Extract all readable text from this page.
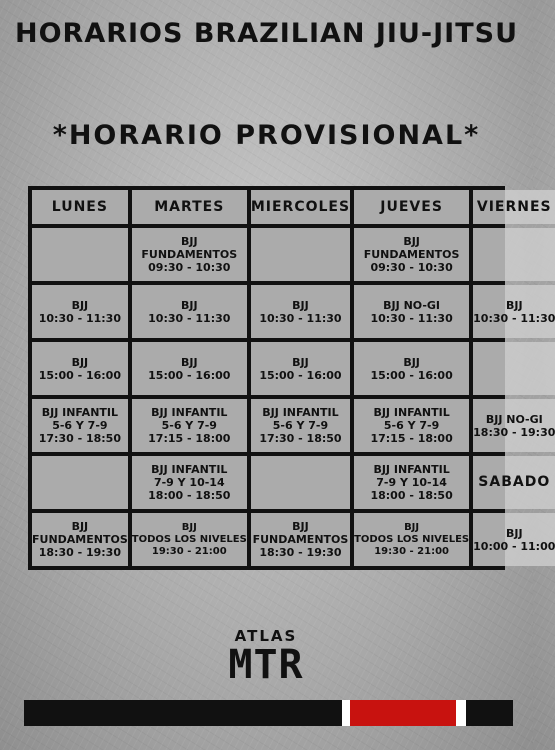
HORARIOS BRAZILIAN JIU-JITSU
*HORARIO PROVISIONAL*
LUNES	MARTES MIERCOLES JUEVES VIERNES
BJJ
FUNDAMENTOS
09:30 - 10:30
BJJ
FUNDAMENTOS
09:30 - 10:30
BJJ
10:30 - 11:30
BJJ
10:30 - 11:30
BJJ
10:30 - 11:30
BJJ NO-GI
10:30 - 11:30
BJJ
10:30 - 11:30
BJJ
15:00 - 16:00
BJJ
15:00 - 16:00
BJJ
15:00 - 16:00
BJJ
15:00 - 16:00
BJJ INFANTIL
5-6 Y 7-9
17:30 - 18:50
BJJ INFANTIL
5-6 Y 7-9
17:15 - 18:00
BJJ INFANTIL
5-6 Y 7-9
17:30 - 18:50
BJJ INFANTIL
5-6 Y 7-9
17:15 - 18:00
BJJ NO-GI
18:30 - 19:30
BJJ INFANTIL
7-9 Y 10-14
18:00 - 18:50
BJJ INFANTIL
7-9 Y 10-14
18:00 - 18:50
SABADO
BJJ
FUNDAMENTOS
18:30 - 19:30
BJJ
TODOS LOS NIVELES
19:30 - 21:00
BJJ
FUNDAMENTOS
18:30 - 19:30
BJJ
TODOS LOS NIVELES
19:30 - 21:00
BJJ
10:00 - 11:00
ATLAS
MTR
